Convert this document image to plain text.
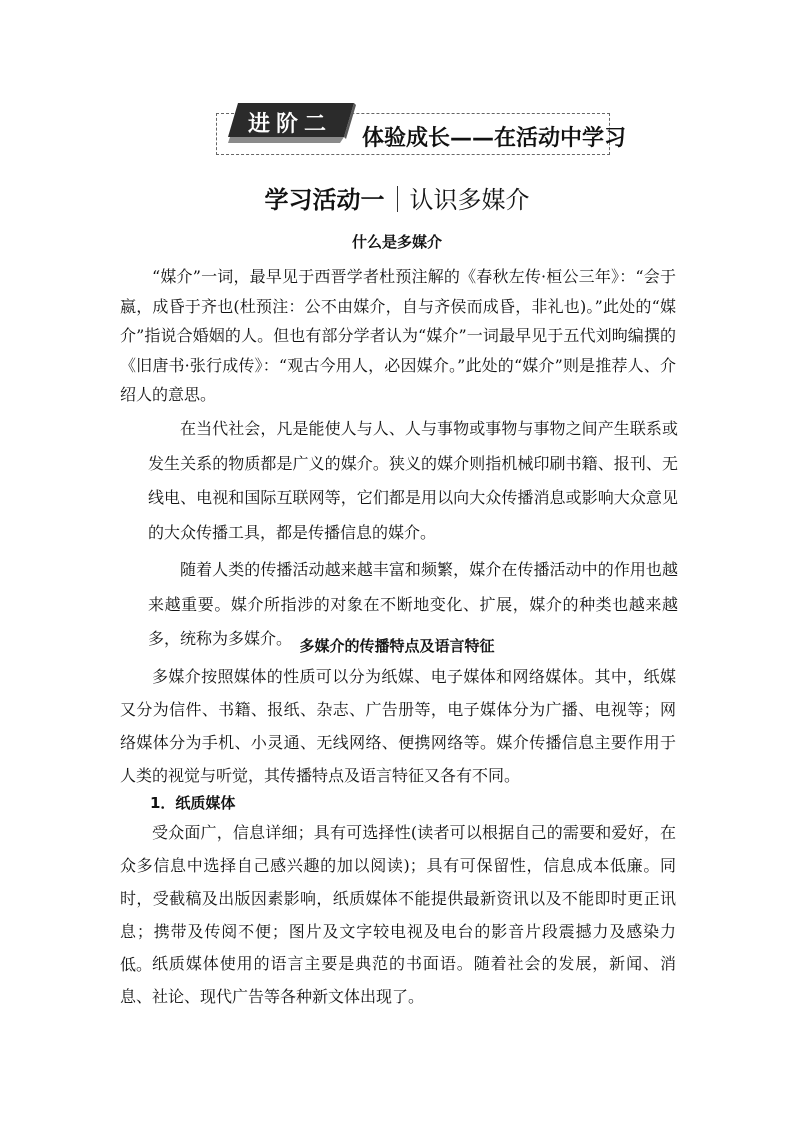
进阶二
体验成长——在活动中学习
学习活动一 认识多媒介
什么是多媒介

“媒介”一词，最早见于西晋学者杜预注解的《春秋左传·桓公三年》：“会于嬴，成昏于齐也(杜预注：公不由媒介，自与齐侯而成昏，非礼也)。”此处的“媒介”指说合婚姻的人。但也有部分学者认为“媒介”一词最早见于五代刘昫编撰的《旧唐书·张行成传》：“观古今用人，必因媒介。”此处的“媒介”则是推荐人、介绍人的意思。

在当代社会，凡是能使人与人、人与事物或事物与事物之间产生联系或发生关系的物质都是广义的媒介。狭义的媒介则指机械印刷书籍、报刊、无线电、电视和国际互联网等，它们都是用以向大众传播消息或影响大众意见的大众传播工具，都是传播信息的媒介。

随着人类的传播活动越来越丰富和频繁，媒介在传播活动中的作用也越来越重要。媒介所指涉的对象在不断地变化、扩展，媒介的种类也越来越多，统称为多媒介。 多媒介的传播特点及语言特征

多媒介按照媒体的性质可以分为纸媒、电子媒体和网络媒体。其中，纸媒又分为信件、书籍、报纸、杂志、广告册等，电子媒体分为广播、电视等；网络媒体分为手机、小灵通、无线网络、便携网络等。媒介传播信息主要作用于人类的视觉与听觉，其传播特点及语言特征又各有不同。

1．纸质媒体

受众面广，信息详细；具有可选择性(读者可以根据自己的需要和爱好，在众多信息中选择自己感兴趣的加以阅读)；具有可保留性，信息成本低廉。同时，受截稿及出版因素影响，纸质媒体不能提供最新资讯以及不能即时更正讯息；携带及传阅不便；图片及文字较电视及电台的影音片段震撼力及感染力低。 纸质媒体使用的语言主要是典范的书面语。随着社会的发展，新闻、消息、社论、现代广告等各种新文体出现了。
